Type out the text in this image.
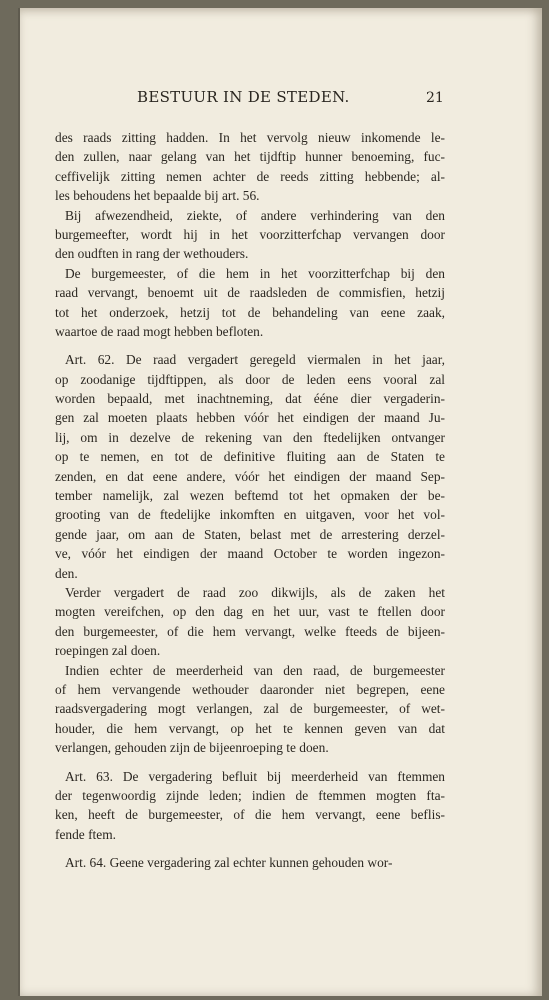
BESTUUR IN DE STEDEN.	21
des raads zitting hadden. In het vervolg nieuw inkomende le-
den zullen, naar gelang van het tijdftip hunner benoeming, fuc-
ceffivelijk zitting nemen achter de reeds zitting hebbende; al-
les behoudens het bepaalde bij art. 56.
Bij afwezendheid, ziekte, of andere verhindering van den
burgemeefter, wordt hij in het voorzitterfchap vervangen door
den oudften in rang der wethouders.
De burgemeester, of die hem in het voorzitterfchap bij den
raad vervangt, benoemt uit de raadsleden de commisfien, hetzij
tot het onderzoek, hetzij tot de behandeling van eene zaak,
waartoe de raad mogt hebben befloten.
Art. 62. De raad vergadert geregeld viermalen in het jaar,
op zoodanige tijdftippen, als door de leden eens vooral zal
worden bepaald, met inachtneming, dat ééne dier vergaderin-
gen zal moeten plaats hebben vóór het eindigen der maand Ju-
lij, om in dezelve de rekening van den ftedelijken ontvanger
op te nemen, en tot de definitive fluiting aan de Staten te
zenden, en dat eene andere, vóór het eindigen der maand Sep-
tember namelijk, zal wezen beftemd tot het opmaken der be-
grooting van de ftedelijke inkomften en uitgaven, voor het vol-
gende jaar, om aan de Staten, belast met de arrestering derzel-
ve, vóór het eindigen der maand October te worden ingezon-
den.
Verder vergadert de raad zoo dikwijls, als de zaken het
mogten vereifchen, op den dag en het uur, vast te ftellen door
den burgemeester, of die hem vervangt, welke fteeds de bijeen-
roepingen zal doen.
Indien echter de meerderheid van den raad, de burgemeester
of hem vervangende wethouder daaronder niet begrepen, eene
raadsvergadering mogt verlangen, zal de burgemeester, of wet-
houder, die hem vervangt, op het te kennen geven van dat
verlangen, gehouden zijn de bijeenroeping te doen.
Art. 63. De vergadering befluit bij meerderheid van ftemmen
der tegenwoordig zijnde leden; indien de ftemmen mogten fta-
ken, heeft de burgemeester, of die hem vervangt, eene beflis-
fende ftem.
Art. 64. Geene vergadering zal echter kunnen gehouden wor-
